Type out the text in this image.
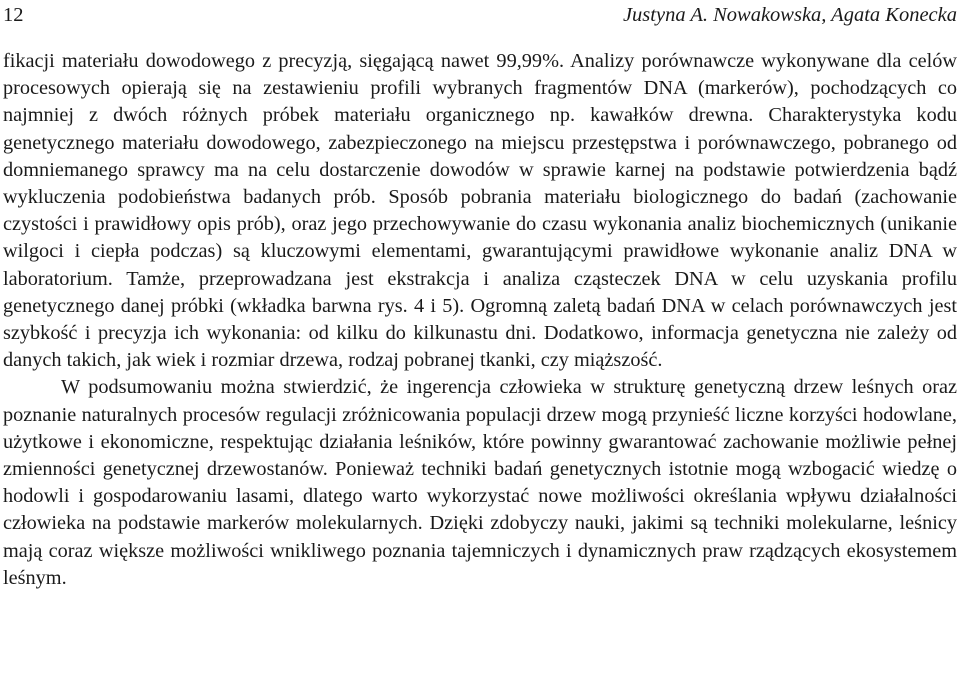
12	Justyna A. Nowakowska, Agata Konecka

fikacji materiału dowodowego z precyzją, sięgającą nawet 99,99%. Analizy porównawcze wykonywane dla celów procesowych opierają się na zestawieniu profili wybranych fragmentów DNA (markerów), pochodzących co najmniej z dwóch różnych próbek materiału organicznego np. kawałków drewna. Charakterystyka kodu genetycznego materiału dowodowego, zabezpieczonego na miejscu przestępstwa i porównawczego, pobranego od domniemanego sprawcy ma na celu dostarczenie dowodów w sprawie karnej na podstawie potwierdzenia bądź wykluczenia podobieństwa badanych prób. Sposób pobrania materiału biologicznego do badań (zachowanie czystości i prawidłowy opis prób), oraz jego przechowywanie do czasu wykonania analiz biochemicznych (unikanie wilgoci i ciepła podczas) są kluczowymi elementami, gwarantującymi prawidłowe wykonanie analiz DNA w laboratorium. Tamże, przeprowadzana jest ekstrakcja i analiza cząsteczek DNA w celu uzyskania profilu genetycznego danej próbki (wkładka barwna rys. 4 i 5). Ogromną zaletą badań DNA w celach porównawczych jest szybkość i precyzja ich wykonania: od kilku do kilkunastu dni. Dodatkowo, informacja genetyczna nie zależy od danych takich, jak wiek i rozmiar drzewa, rodzaj pobranej tkanki, czy miąższość.

W podsumowaniu można stwierdzić, że ingerencja człowieka w strukturę genetyczną drzew leśnych oraz poznanie naturalnych procesów regulacji zróżnicowania populacji drzew mogą przynieść liczne korzyści hodowlane, użytkowe i ekonomiczne, respektując działania leśników, które powinny gwarantować zachowanie możliwie pełnej zmienności genetycznej drzewostanów. Ponieważ techniki badań genetycznych istotnie mogą wzbogacić wiedzę o hodowli i gospodarowaniu lasami, dlatego warto wykorzystać nowe możliwości określania wpływu działalności człowieka na podstawie markerów molekularnych. Dzięki zdobyczy nauki, jakimi są techniki molekularne, leśnicy mają coraz większe możliwości wnikliwego poznania tajemniczych i dynamicznych praw rządzących ekosystemem leśnym.
